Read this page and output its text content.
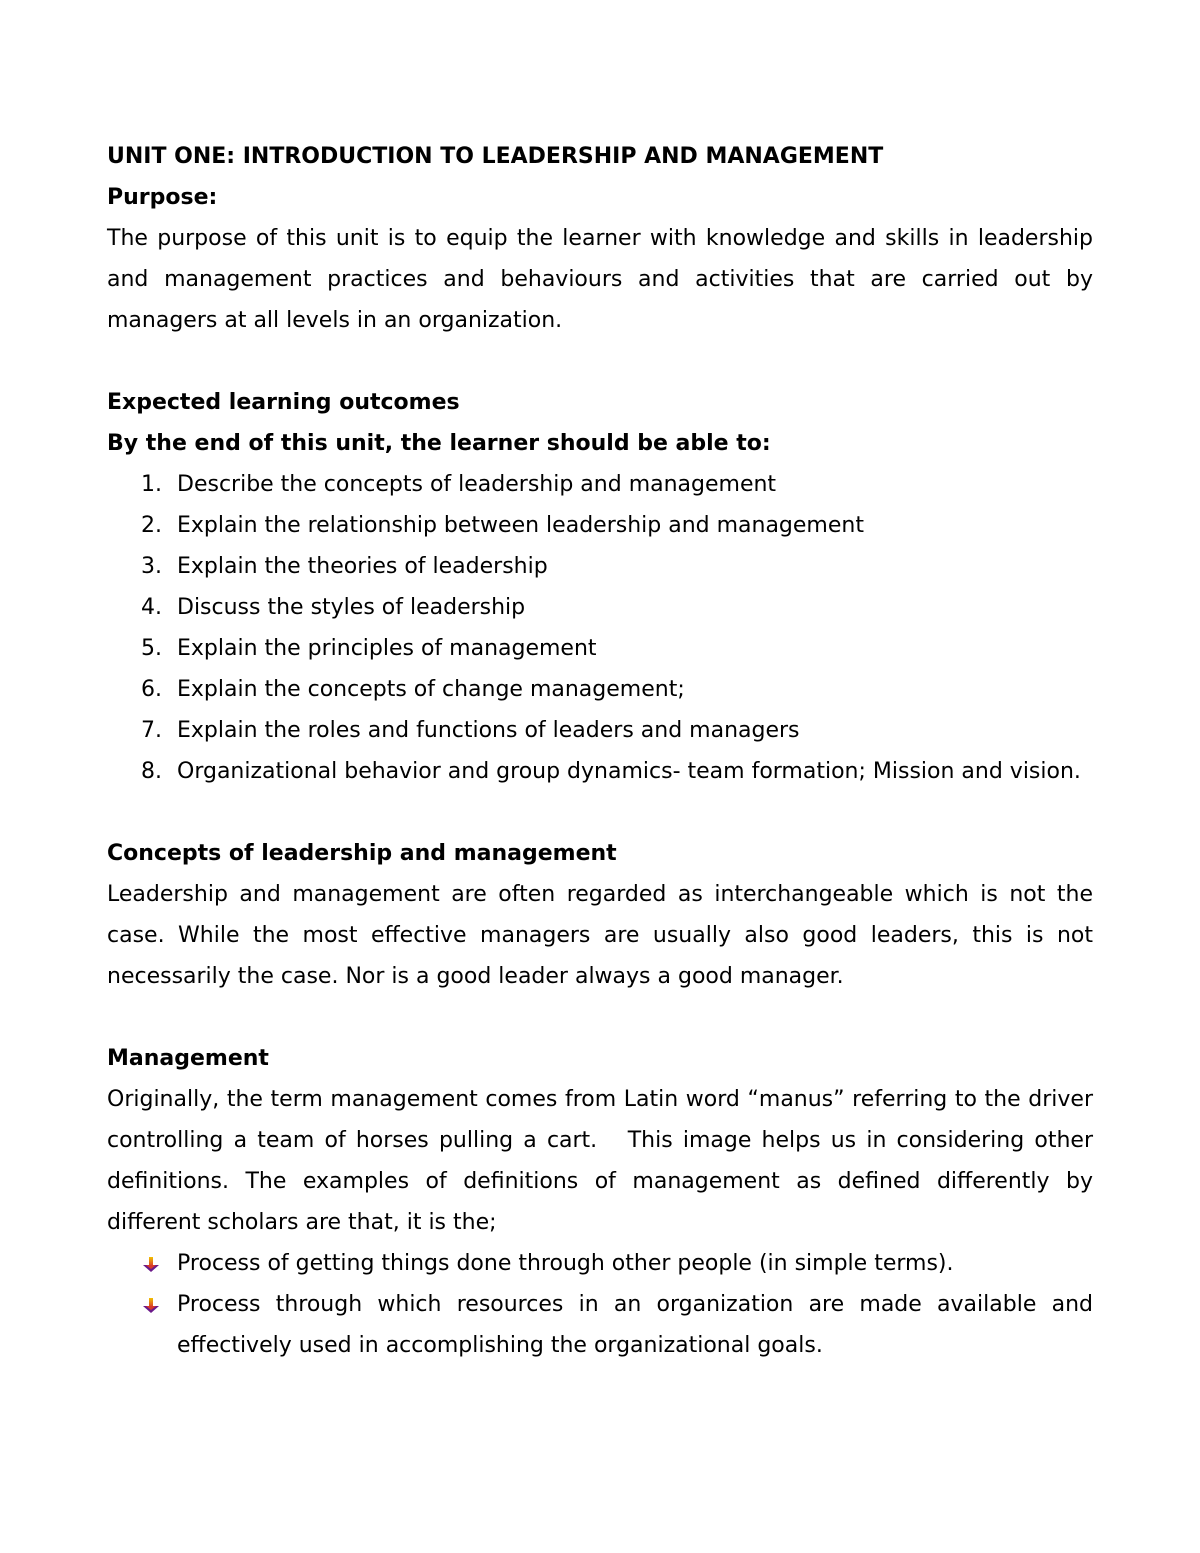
UNIT ONE: INTRODUCTION TO LEADERSHIP AND MANAGEMENT
Purpose:
The purpose of this unit is to equip the learner with knowledge and skills in leadership and management practices and behaviours and activities that are carried out by managers at all levels in an organization.
Expected learning outcomes
By the end of this unit, the learner should be able to:
1. Describe the concepts of leadership and management
2. Explain the relationship between leadership and management
3. Explain the theories of leadership
4. Discuss the styles of leadership
5. Explain the principles of management
6. Explain the concepts of change management;
7. Explain the roles and functions of leaders and managers
8. Organizational behavior and group dynamics- team formation; Mission and vision.
Concepts of leadership and management
Leadership and management are often regarded as interchangeable which is not the case. While the most effective managers are usually also good leaders, this is not necessarily the case. Nor is a good leader always a good manager.
Management
Originally, the term management comes from Latin word “manus” referring to the driver controlling a team of horses pulling a cart.   This image helps us in considering other definitions. The examples of definitions of management as defined differently by different scholars are that, it is the;
Process of getting things done through other people (in simple terms).
Process through which resources in an organization are made available and effectively used in accomplishing the organizational goals.
